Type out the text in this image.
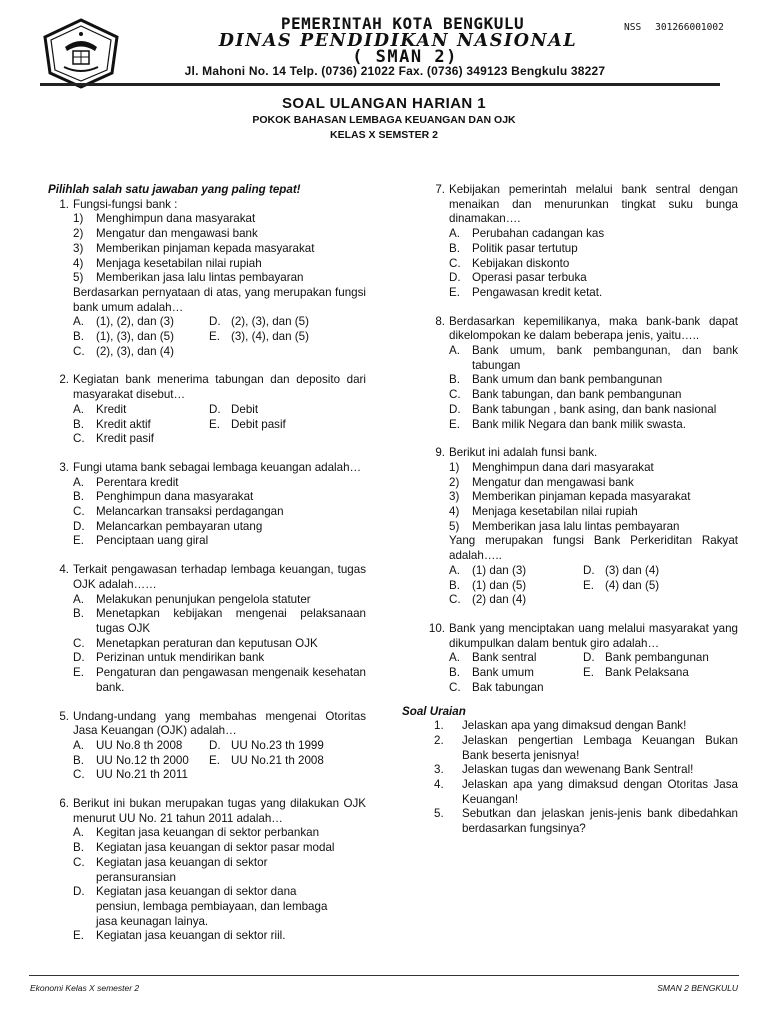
PEMERINTAH KOTA BENGKULU	NSS 301266001002
DINAS PENDIDIKAN NASIONAL
( SMAN 2)
Jl. Mahoni No. 14 Telp. (0736) 21022 Fax. (0736) 349123 Bengkulu 38227
SOAL ULANGAN HARIAN 1
POKOK BAHASAN LEMBAGA KEUANGAN DAN OJK
KELAS X SEMSTER 2
Pilihlah salah satu jawaban yang paling tepat!
1. Fungsi-fungsi bank :
1) Menghimpun dana masyarakat
2) Mengatur dan mengawasi bank
3) Memberikan pinjaman kepada masyarakat
4) Menjaga kesetabilan nilai rupiah
5) Memberikan jasa lalu lintas pembayaran
Berdasarkan pernyataan di atas, yang merupakan fungsi bank umum adalah…
A. (1), (2), dan (3)	D. (2), (3), dan (5)
B. (1), (3), dan (5)	E. (3), (4), dan (5)
C. (2), (3), dan (4)
2. Kegiatan bank menerima tabungan dan deposito dari masyarakat disebut…
A. Kredit	D. Debit
B. Kredit aktif	E. Debit pasif
C. Kredit pasif
3. Fungi utama bank sebagai lembaga keuangan adalah…
A. Perentara kredit
B. Penghimpun dana masyarakat
C. Melancarkan transaksi perdagangan
D. Melancarkan pembayaran utang
E. Penciptaan uang giral
4. Terkait pengawasan terhadap lembaga keuangan, tugas OJK adalah……
A. Melakukan penunjukan pengelola statuter
B. Menetapkan kebijakan mengenai pelaksanaan tugas OJK
C. Menetapkan peraturan dan keputusan OJK
D. Perizinan untuk mendirikan bank
E. Pengaturan dan pengawasan mengenaik kesehatan bank.
5. Undang-undang yang membahas mengenai Otoritas Jasa Keuangan (OJK) adalah…
A. UU No.8 th 2008	D. UU No.23 th 1999
B. UU No.12 th 2000	E. UU No.21 th 2008
C. UU No.21 th 2011
6. Berikut ini bukan merupakan tugas yang dilakukan OJK menurut UU No. 21 tahun 2011 adalah…
A. Kegitan jasa keuangan di sektor perbankan
B. Kegiatan jasa keuangan di sektor pasar modal
C. Kegiatan jasa keuangan di sektor peransuransian
D. Kegiatan jasa keuangan di sektor dana pensiun, lembaga pembiayaan, dan lembaga jasa keunagan lainya.
E. Kegiatan jasa keuangan di sektor riil.
7. Kebijakan pemerintah melalui bank sentral dengan menaikan dan menurunkan tingkat suku bunga dinamakan….
A. Perubahan cadangan kas
B. Politik pasar tertutup
C. Kebijakan diskonto
D. Operasi pasar terbuka
E. Pengawasan kredit ketat.
8. Berdasarkan kepemilikanya, maka bank-bank dapat dikelompokan ke dalam beberapa jenis, yaitu…..
A. Bank umum, bank pembangunan, dan bank tabungan
B. Bank umum dan bank pembangunan
C. Bank tabungan, dan bank pembangunan
D. Bank tabungan , bank asing, dan bank nasional
E. Bank milik Negara dan bank milik swasta.
9. Berikut ini adalah funsi bank.
1) Menghimpun dana dari masyarakat
2) Mengatur dan mengawasi bank
3) Memberikan pinjaman kepada masyarakat
4) Menjaga kesetabilan nilai rupiah
5) Memberikan jasa lalu lintas pembayaran
Yang merupakan fungsi Bank Perkeriditan Rakyat adalah…..
A. (1) dan (3)	D. (3) dan (4)
B. (1) dan (5)	E. (4) dan (5)
C. (2) dan (4)
10. Bank yang menciptakan uang melalui masyarakat yang dikumpulkan dalam bentuk giro adalah…
A. Bank sentral	D. Bank pembangunan
B. Bank umum	E. Bank Pelaksana
C. Bak tabungan
Soal Uraian
1. Jelaskan apa yang dimaksud dengan Bank!
2. Jelaskan pengertian Lembaga Keuangan Bukan Bank beserta jenisnya!
3. Jelaskan tugas dan wewenang Bank Sentral!
4. Jelaskan apa yang dimaksud dengan Otoritas Jasa Keuangan!
5. Sebutkan dan jelaskan jenis-jenis bank dibedahkan berdasarkan fungsinya?
Ekonomi Kelas X semester 2	SMAN 2 BENGKULU
